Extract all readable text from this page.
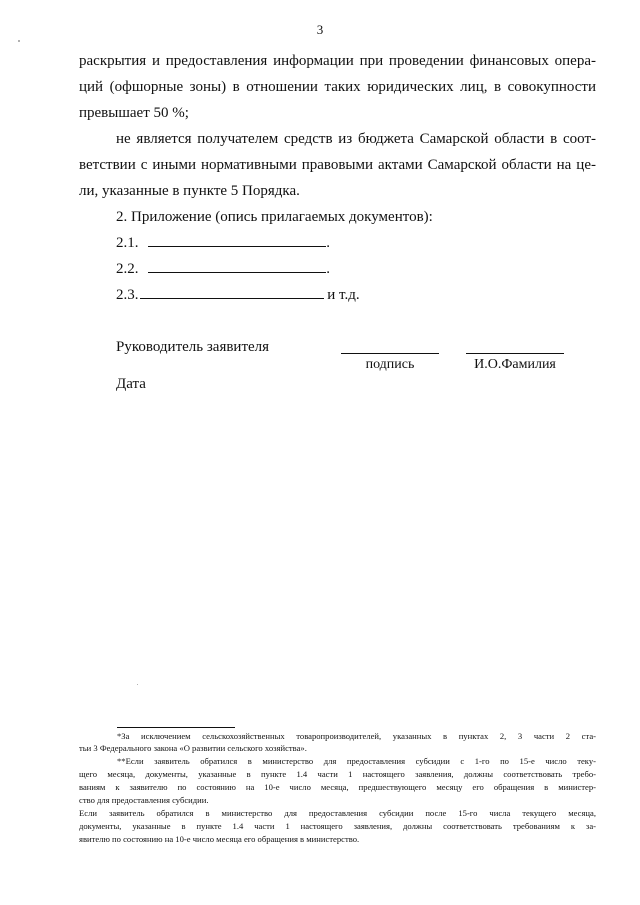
3
раскрытия и предоставления информации при проведении финансовых опера-
ций (офшорные зоны) в отношении таких юридических лиц, в совокупности
превышает 50 %;
не является получателем средств из бюджета Самарской области в соот-
ветствии с иными нормативными правовыми актами Самарской области на це-
ли, указанные в пункте 5 Порядка.
2. Приложение (опись прилагаемых документов):
2.1.	.
2.2.	.
2.3.	и т.д.
Руководитель заявителя
подпись	И.О.Фамилия
Дата
*За исключением сельскохозяйственных товаропроизводителей, указанных в пунктах 2, 3 части 2 ста-
тьи 3 Федерального закона «О развитии сельского хозяйства».
**Если заявитель обратился в министерство для предоставления субсидии с 1-го по 15-е число теку-
щего месяца, документы, указанные в пункте 1.4 части 1 настоящего заявления, должны соответствовать требо-
ваниям к заявителю по состоянию на 10-е число месяца, предшествующего месяцу его обращения в министер-
ство для предоставления субсидии.
Если заявитель обратился в министерство для предоставления субсидии после 15-го числа текущего месяца,
документы, указанные в пункте 1.4 части 1 настоящего заявления, должны соответствовать требованиям к за-
явителю по состоянию на 10-е число месяца его обращения в министерство.
